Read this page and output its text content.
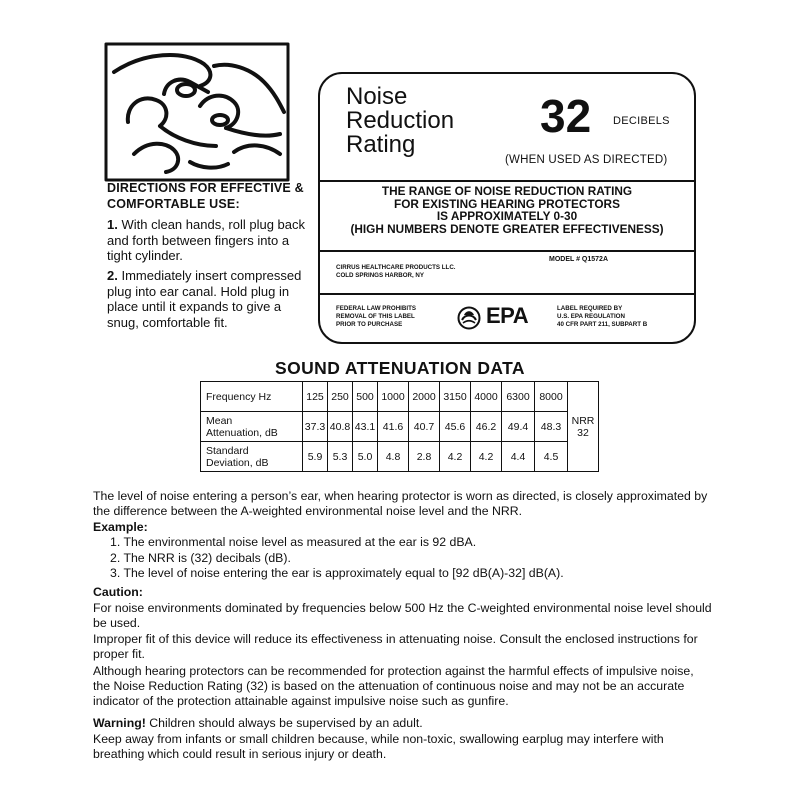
DIRECTIONS FOR EFFECTIVE & COMFORTABLE USE:
1. With clean hands, roll plug back and forth between fingers into a tight cylinder.
2. Immediately insert compressed plug into ear canal. Hold plug in place until it expands to give a snug, comfortable fit.
Noise
Reduction
Rating
32 DECIBELS
(WHEN USED AS DIRECTED)
THE RANGE OF NOISE REDUCTION RATING
FOR EXISTING HEARING PROTECTORS
IS APPROXIMATELY 0-30
(HIGH NUMBERS DENOTE GREATER EFFECTIVENESS)
CIRRUS HEALTHCARE PRODUCTS LLC.
COLD SPRINGS HARBOR, NY
MODEL # Q1572A
FEDERAL LAW PROHIBITS
REMOVAL OF THIS LABEL
PRIOR TO PURCHASE	EPA	LABEL REQUIRED BY
U.S. EPA REGULATION
40 CFR PART 211, SUBPART B
SOUND ATTENUATION DATA
Frequency Hz	125	250	500	1000	2000	3150	4000	6300	8000	NRR
32

Mean
Attenuation, dB	37.3	40.8	43.1	41.6	40.7	45.6	46.2	49.4	48.3	

Standard
Deviation, dB	5.9	5.3	5.0	4.8	2.8	4.2	4.2	4.4	4.5	
The level of noise entering a person’s ear, when hearing protector is worn as directed, is closely approximated by the difference between the A-weighted environmental noise level and the NRR.
Example:
1. The environmental noise level as measured at the ear is 92 dBA.
2. The NRR is (32) decibals (dB).
3. The level of noise entering the ear is approximately equal to [92 dB(A)-32] dB(A).
Caution:
For noise environments dominated by frequencies below 500 Hz the C-weighted environmental noise level should be used.
Improper fit of this device will reduce its effectiveness in attenuating noise. Consult the enclosed instructions for proper fit.
Although hearing protectors can be recommended for protection against the harmful effects of impulsive noise, the Noise Reduction Rating (32) is based on the attenuation of continuous noise and may not be an accurate indicator of the protection attainable against impulsive noise such as gunfire.
Warning! Children should always be supervised by an adult.
Keep away from infants or small children because, while non-toxic, swallowing earplug may interfere with breathing which could result in serious injury or death.
